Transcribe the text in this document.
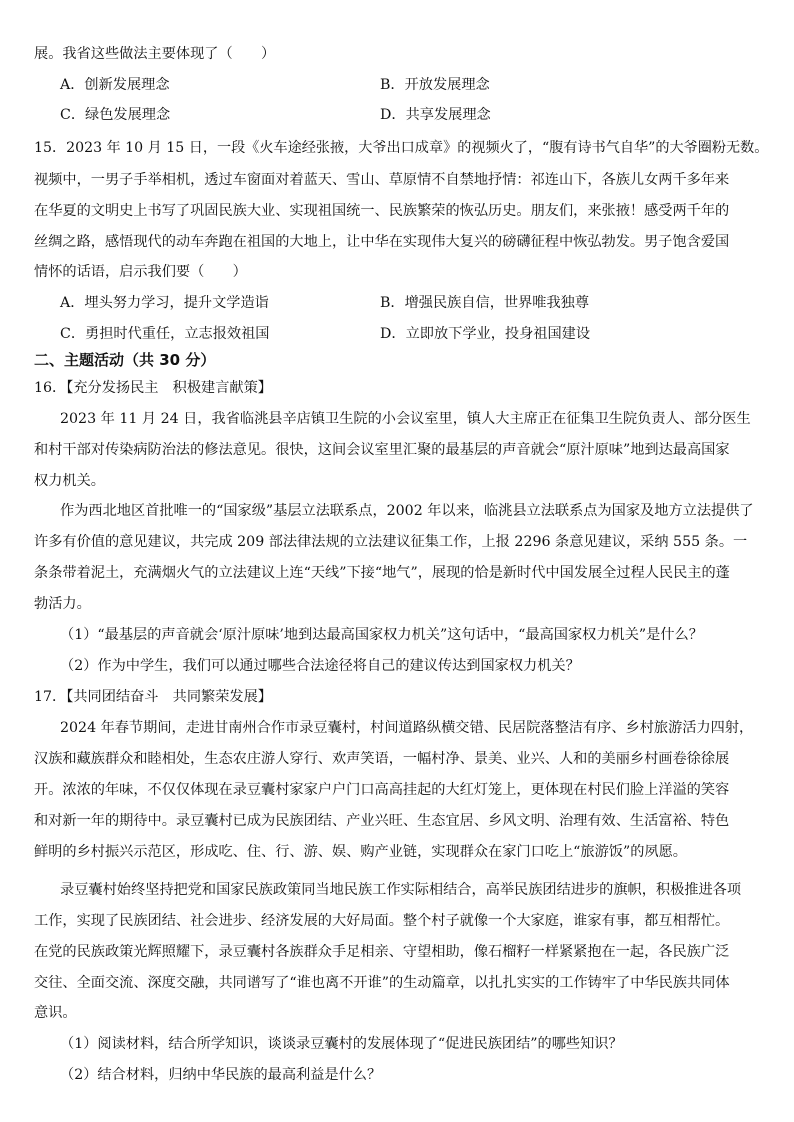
展。我省这些做法主要体现了（　　）
A．创新发展理念	B．开放发展理念
C．绿色发展理念	D．共享发展理念
15．2023 年 10 月 15 日，一段《火车途经张掖，大爷出口成章》的视频火了，“腹有诗书气自华”的大爷圈粉无数。
视频中，一男子手举相机，透过车窗面对着蓝天、雪山、草原情不自禁地抒情：祁连山下，各族儿女两千多年来
在华夏的文明史上书写了巩固民族大业、实现祖国统一、民族繁荣的恢弘历史。朋友们，来张掖！感受两千年的
丝绸之路，感悟现代的动车奔跑在祖国的大地上，让中华在实现伟大复兴的磅礴征程中恢弘勃发。男子饱含爱国
情怀的话语，启示我们要（　　）
A．埋头努力学习，提升文学造诣	B．增强民族自信，世界唯我独尊
C．勇担时代重任，立志报效祖国	D．立即放下学业，投身祖国建设
二、主题活动（共 30 分）
16．【充分发扬民主　积极建言献策】
2023 年 11 月 24 日，我省临洮县辛店镇卫生院的小会议室里，镇人大主席正在征集卫生院负责人、部分医生
和村干部对传染病防治法的修法意见。很快，这间会议室里汇聚的最基层的声音就会“原汁原味”地到达最高国家
权力机关。
作为西北地区首批唯一的“国家级”基层立法联系点，2002 年以来，临洮县立法联系点为国家及地方立法提供了
许多有价值的意见建议，共完成 209 部法律法规的立法建议征集工作，上报 2296 条意见建议，采纳 555 条。一
条条带着泥土，充满烟火气的立法建议上连“天线”下接“地气”，展现的恰是新时代中国发展全过程人民民主的蓬
勃活力。
（1）“最基层的声音就会‘原汁原味’地到达最高国家权力机关”这句话中，“最高国家权力机关”是什么？
（2）作为中学生，我们可以通过哪些合法途径将自己的建议传达到国家权力机关？
17．【共同团结奋斗　共同繁荣发展】
2024 年春节期间，走进甘南州合作市录豆囊村，村间道路纵横交错、民居院落整洁有序、乡村旅游活力四射，
汉族和藏族群众和睦相处，生态农庄游人穿行、欢声笑语，一幅村净、景美、业兴、人和的美丽乡村画卷徐徐展
开。浓浓的年味，不仅仅体现在录豆囊村家家户户门口高高挂起的大红灯笼上，更体现在村民们脸上洋溢的笑容
和对新一年的期待中。录豆囊村已成为民族团结、产业兴旺、生态宜居、乡风文明、治理有效、生活富裕、特色
鲜明的乡村振兴示范区，形成吃、住、行、游、娱、购产业链，实现群众在家门口吃上“旅游饭”的夙愿。
录豆囊村始终坚持把党和国家民族政策同当地民族工作实际相结合，高举民族团结进步的旗帜，积极推进各项
工作，实现了民族团结、社会进步、经济发展的大好局面。整个村子就像一个大家庭，谁家有事，都互相帮忙。
在党的民族政策光辉照耀下，录豆囊村各族群众手足相亲、守望相助，像石榴籽一样紧紧抱在一起，各民族广泛
交往、全面交流、深度交融，共同谱写了“谁也离不开谁”的生动篇章，以扎扎实实的工作铸牢了中华民族共同体
意识。
（1）阅读材料，结合所学知识，谈谈录豆囊村的发展体现了“促进民族团结”的哪些知识？
（2）结合材料，归纳中华民族的最高利益是什么？
